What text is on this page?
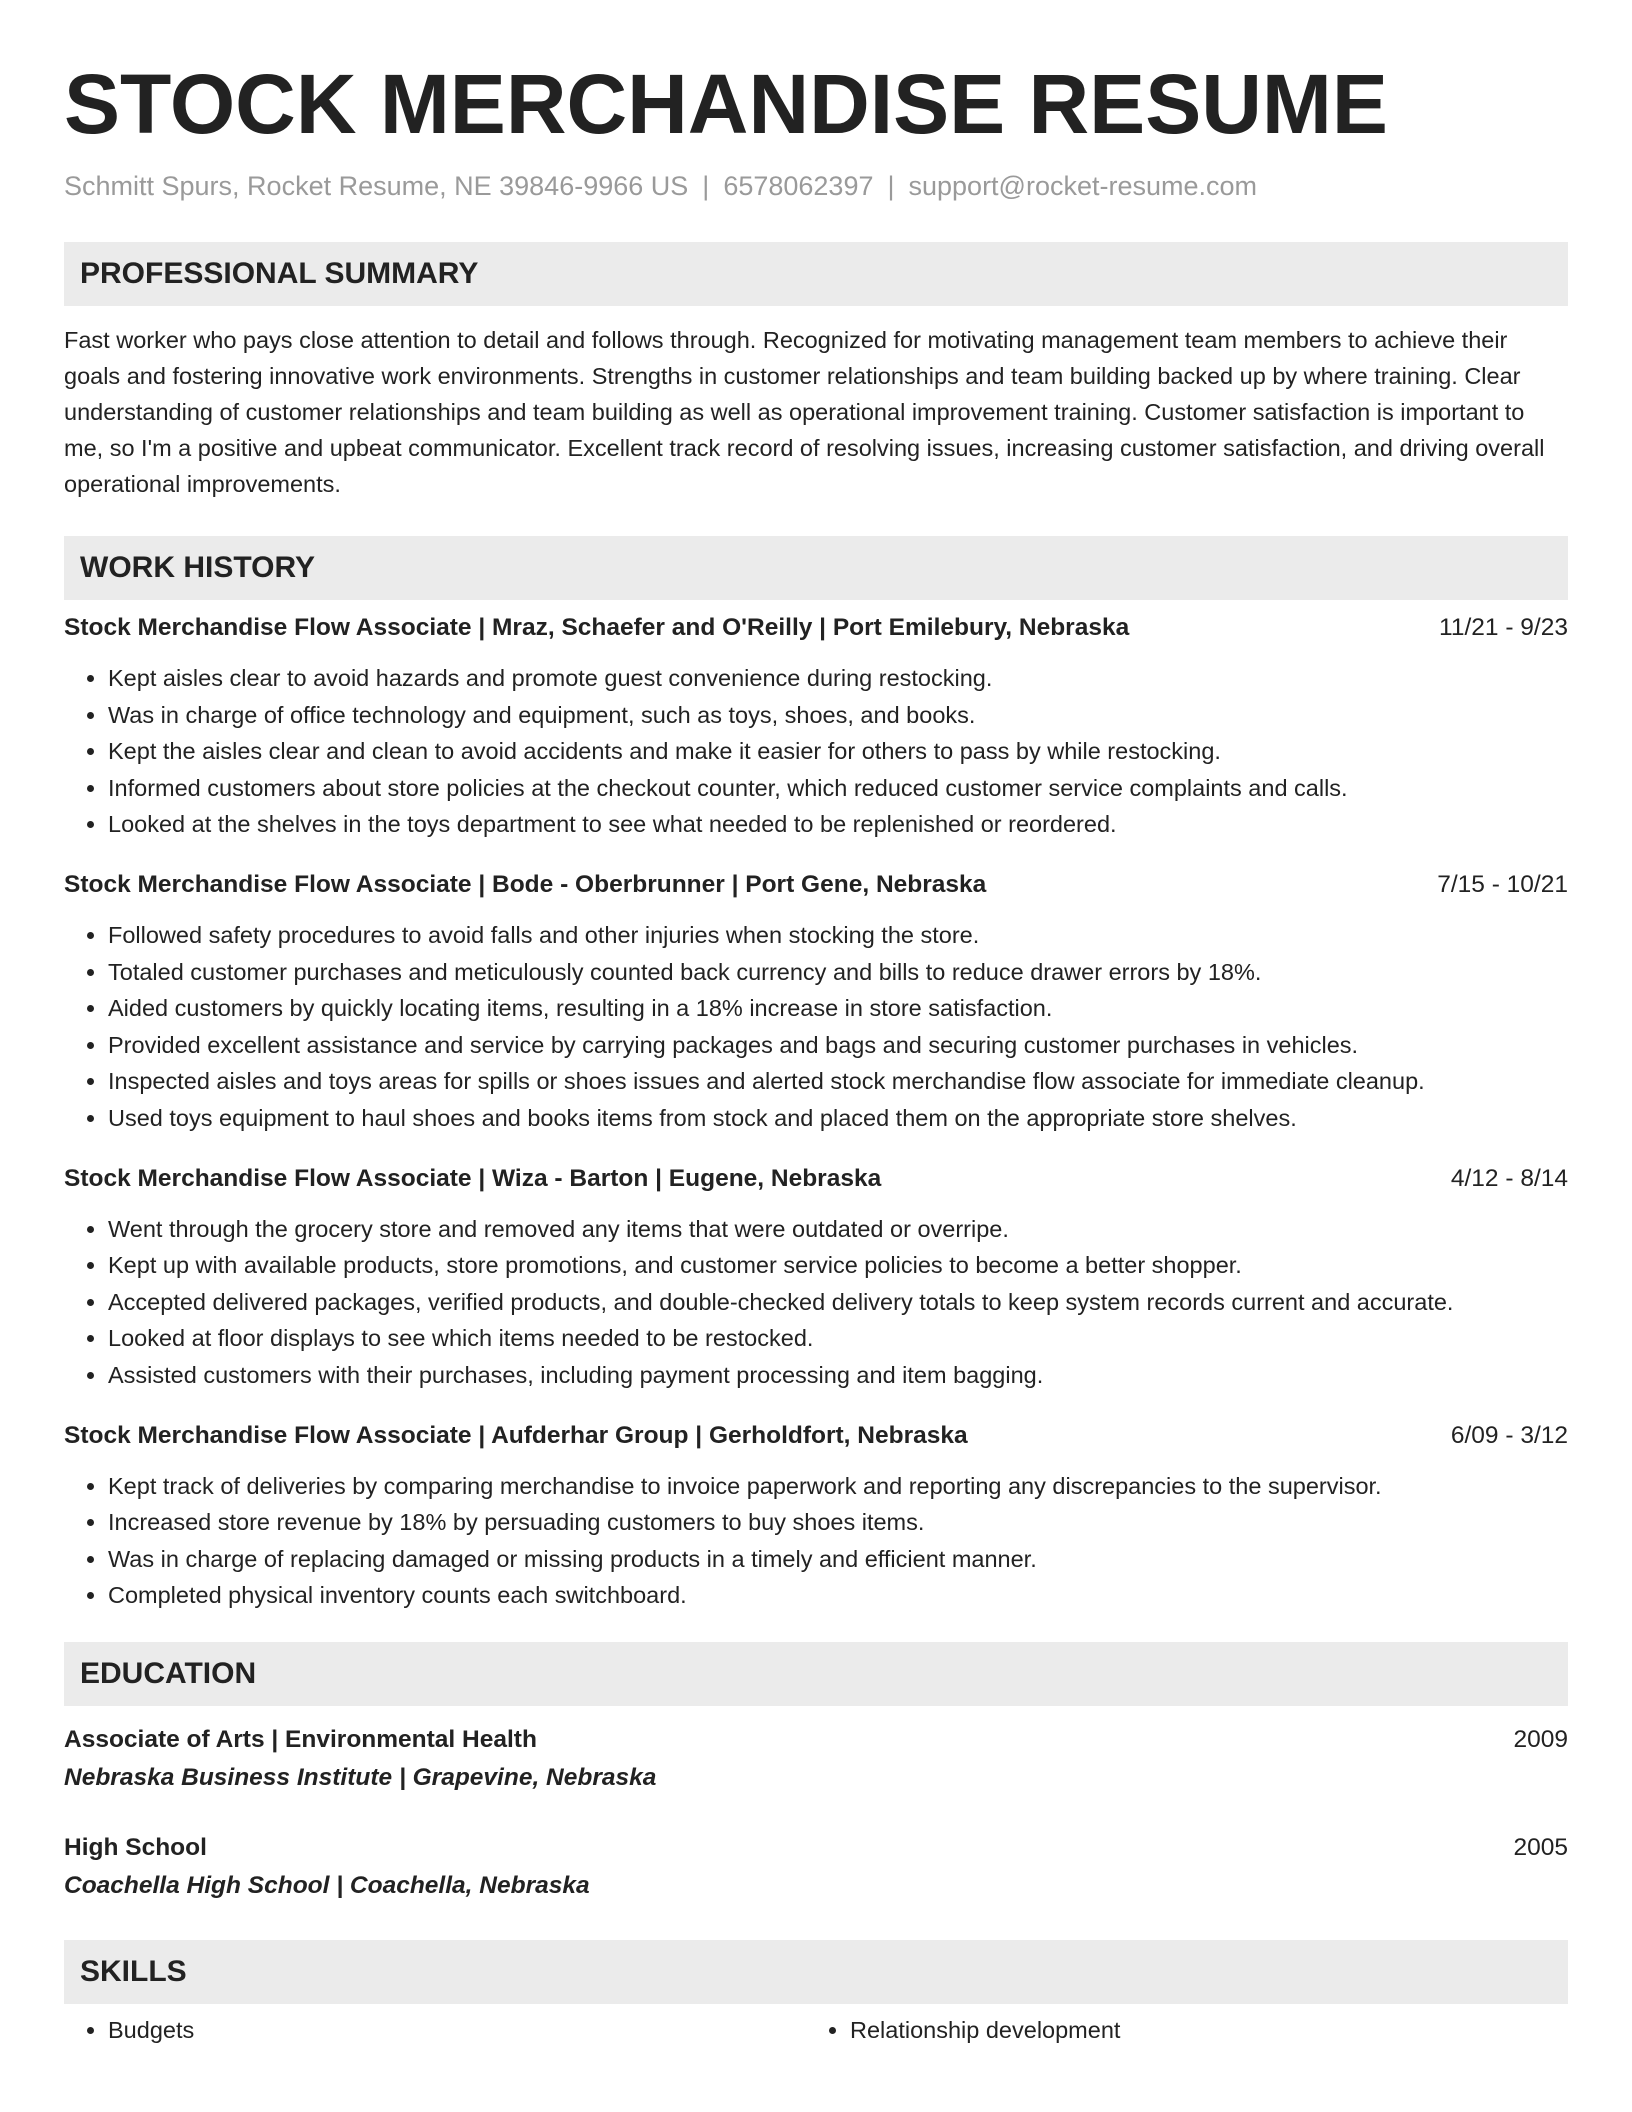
STOCK MERCHANDISE RESUME
Schmitt Spurs, Rocket Resume, NE 39846-9966 US | 6578062397 | support@rocket-resume.com
PROFESSIONAL SUMMARY

Fast worker who pays close attention to detail and follows through. Recognized for motivating management team members to achieve their goals and fostering innovative work environments. Strengths in customer relationships and team building backed up by where training. Clear understanding of customer relationships and team building as well as operational improvement training. Customer satisfaction is important to me, so I'm a positive and upbeat communicator. Excellent track record of resolving issues, increasing customer satisfaction, and driving overall operational improvements.

WORK HISTORY
Stock Merchandise Flow Associate | Mraz, Schaefer and O'Reilly | Port Emilebury, Nebraska	11/21 - 9/23
• Kept aisles clear to avoid hazards and promote guest convenience during restocking.
• Was in charge of office technology and equipment, such as toys, shoes, and books.
• Kept the aisles clear and clean to avoid accidents and make it easier for others to pass by while restocking.
• Informed customers about store policies at the checkout counter, which reduced customer service complaints and calls.
• Looked at the shelves in the toys department to see what needed to be replenished or reordered.
Stock Merchandise Flow Associate | Bode - Oberbrunner | Port Gene, Nebraska	7/15 - 10/21
• Followed safety procedures to avoid falls and other injuries when stocking the store.
• Totaled customer purchases and meticulously counted back currency and bills to reduce drawer errors by 18%.
• Aided customers by quickly locating items, resulting in a 18% increase in store satisfaction.
• Provided excellent assistance and service by carrying packages and bags and securing customer purchases in vehicles.
• Inspected aisles and toys areas for spills or shoes issues and alerted stock merchandise flow associate for immediate cleanup.
• Used toys equipment to haul shoes and books items from stock and placed them on the appropriate store shelves.
Stock Merchandise Flow Associate | Wiza - Barton | Eugene, Nebraska	4/12 - 8/14
• Went through the grocery store and removed any items that were outdated or overripe.
• Kept up with available products, store promotions, and customer service policies to become a better shopper.
• Accepted delivered packages, verified products, and double-checked delivery totals to keep system records current and accurate.
• Looked at floor displays to see which items needed to be restocked.
• Assisted customers with their purchases, including payment processing and item bagging.
Stock Merchandise Flow Associate | Aufderhar Group | Gerholdfort, Nebraska	6/09 - 3/12
• Kept track of deliveries by comparing merchandise to invoice paperwork and reporting any discrepancies to the supervisor.
• Increased store revenue by 18% by persuading customers to buy shoes items.
• Was in charge of replacing damaged or missing products in a timely and efficient manner.
• Completed physical inventory counts each switchboard.
EDUCATION
Associate of Arts | Environmental Health	2009
Nebraska Business Institute | Grapevine, Nebraska
High School	2005
Coachella High School | Coachella, Nebraska
SKILLS
• Budgets
•	Relationship development
